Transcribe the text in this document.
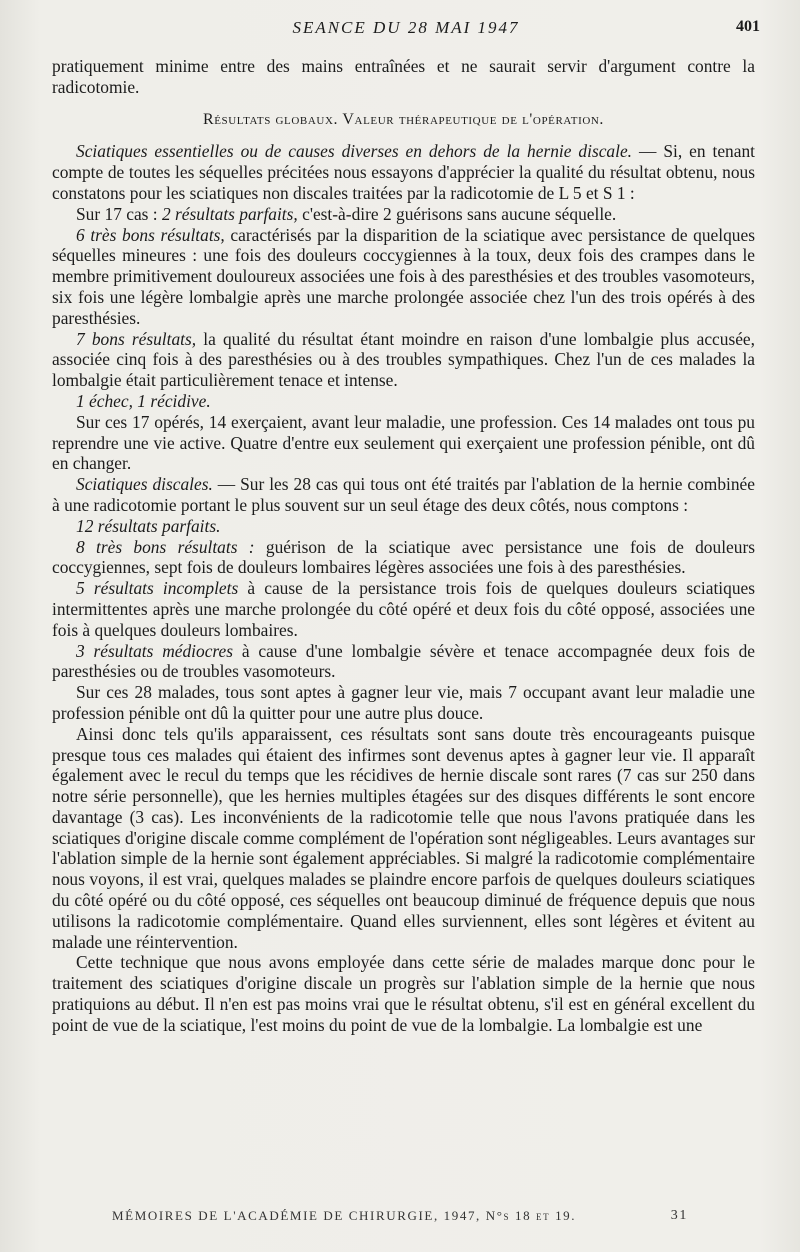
SEANCE DU 28 MAI 1947	401

pratiquement minime entre des mains entraînées et ne saurait servir d'argument contre la radicotomie.

Résultats globaux. Valeur thérapeutique de l'opération.

Sciatiques essentielles ou de causes diverses en dehors de la hernie discale. — Si, en tenant compte de toutes les séquelles précitées nous essayons d'apprécier la qualité du résultat obtenu, nous constatons pour les sciatiques non discales traitées par la radicotomie de L 5 et S 1 :

Sur 17 cas : 2 résultats parfaits, c'est-à-dire 2 guérisons sans aucune séquelle.

6 très bons résultats, caractérisés par la disparition de la sciatique avec persistance de quelques séquelles mineures : une fois des douleurs coccygiennes à la toux, deux fois des crampes dans le membre primitivement douloureux associées une fois à des paresthésies et des troubles vasomoteurs, six fois une légère lombalgie après une marche prolongée associée chez l'un des trois opérés à des paresthésies.

7 bons résultats, la qualité du résultat étant moindre en raison d'une lombalgie plus accusée, associée cinq fois à des paresthésies ou à des troubles sympathiques. Chez l'un de ces malades la lombalgie était particulièrement tenace et intense.

1 échec, 1 récidive.

Sur ces 17 opérés, 14 exerçaient, avant leur maladie, une profession. Ces 14 malades ont tous pu reprendre une vie active. Quatre d'entre eux seulement qui exerçaient une profession pénible, ont dû en changer.

Sciatiques discales. — Sur les 28 cas qui tous ont été traités par l'ablation de la hernie combinée à une radicotomie portant le plus souvent sur un seul étage des deux côtés, nous comptons :

12 résultats parfaits.

8 très bons résultats : guérison de la sciatique avec persistance une fois de douleurs coccygiennes, sept fois de douleurs lombaires légères associées une fois à des paresthésies.

5 résultats incomplets à cause de la persistance trois fois de quelques douleurs sciatiques intermittentes après une marche prolongée du côté opéré et deux fois du côté opposé, associées une fois à quelques douleurs lombaires.

3 résultats médiocres à cause d'une lombalgie sévère et tenace accompagnée deux fois de paresthésies ou de troubles vasomoteurs.

Sur ces 28 malades, tous sont aptes à gagner leur vie, mais 7 occupant avant leur maladie une profession pénible ont dû la quitter pour une autre plus douce.

Ainsi donc tels qu'ils apparaissent, ces résultats sont sans doute très encourageants puisque presque tous ces malades qui étaient des infirmes sont devenus aptes à gagner leur vie. Il apparaît également avec le recul du temps que les récidives de hernie discale sont rares (7 cas sur 250 dans notre série personnelle), que les hernies multiples étagées sur des disques différents le sont encore davantage (3 cas). Les inconvénients de la radicotomie telle que nous l'avons pratiquée dans les sciatiques d'origine discale comme complément de l'opération sont négligeables. Leurs avantages sur l'ablation simple de la hernie sont également appréciables. Si malgré la radicotomie complémentaire nous voyons, il est vrai, quelques malades se plaindre encore parfois de quelques douleurs sciatiques du côté opéré ou du côté opposé, ces séquelles ont beaucoup diminué de fréquence depuis que nous utilisons la radicotomie complémentaire. Quand elles surviennent, elles sont légères et évitent au malade une réintervention.

Cette technique que nous avons employée dans cette série de malades marque donc pour le traitement des sciatiques d'origine discale un progrès sur l'ablation simple de la hernie que nous pratiquions au début. Il n'en est pas moins vrai que le résultat obtenu, s'il est en général excellent du point de vue de la sciatique, l'est moins du point de vue de la lombalgie. La lombalgie est une

MÉMOIRES DE L'ACADÉMIE DE CHIRURGIE, 1947, N°s 18 et 19.	31
